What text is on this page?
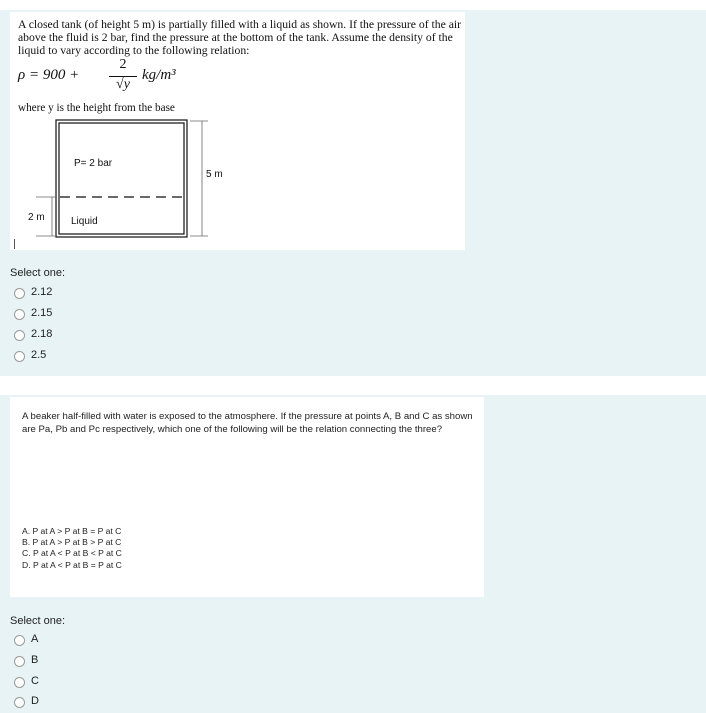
A closed tank (of height 5 m) is partially filled with a liquid as shown. If the pressure of the air above the fluid is 2 bar, find the pressure at the bottom of the tank. Assume the density of the liquid to vary according to the following relation:
ρ = 900 +
2
√y
kg/m³
where y is the height from the base
P= 2 bar
5 m
2 m	Liquid
Select one:
2.12
2.15
2.18
2.5
A beaker half-filled with water is exposed to the atmosphere. If the pressure at points A, B and C as shown are Pa, Pb and Pc respectively, which one of the following will be the relation connecting the three?
A. P at A > P at B = P at C
B. P at A > P at B > P at C
C. P at A < P at B < P at C
D. P at A < P at B = P at C
Select one:
A
B
C
D
